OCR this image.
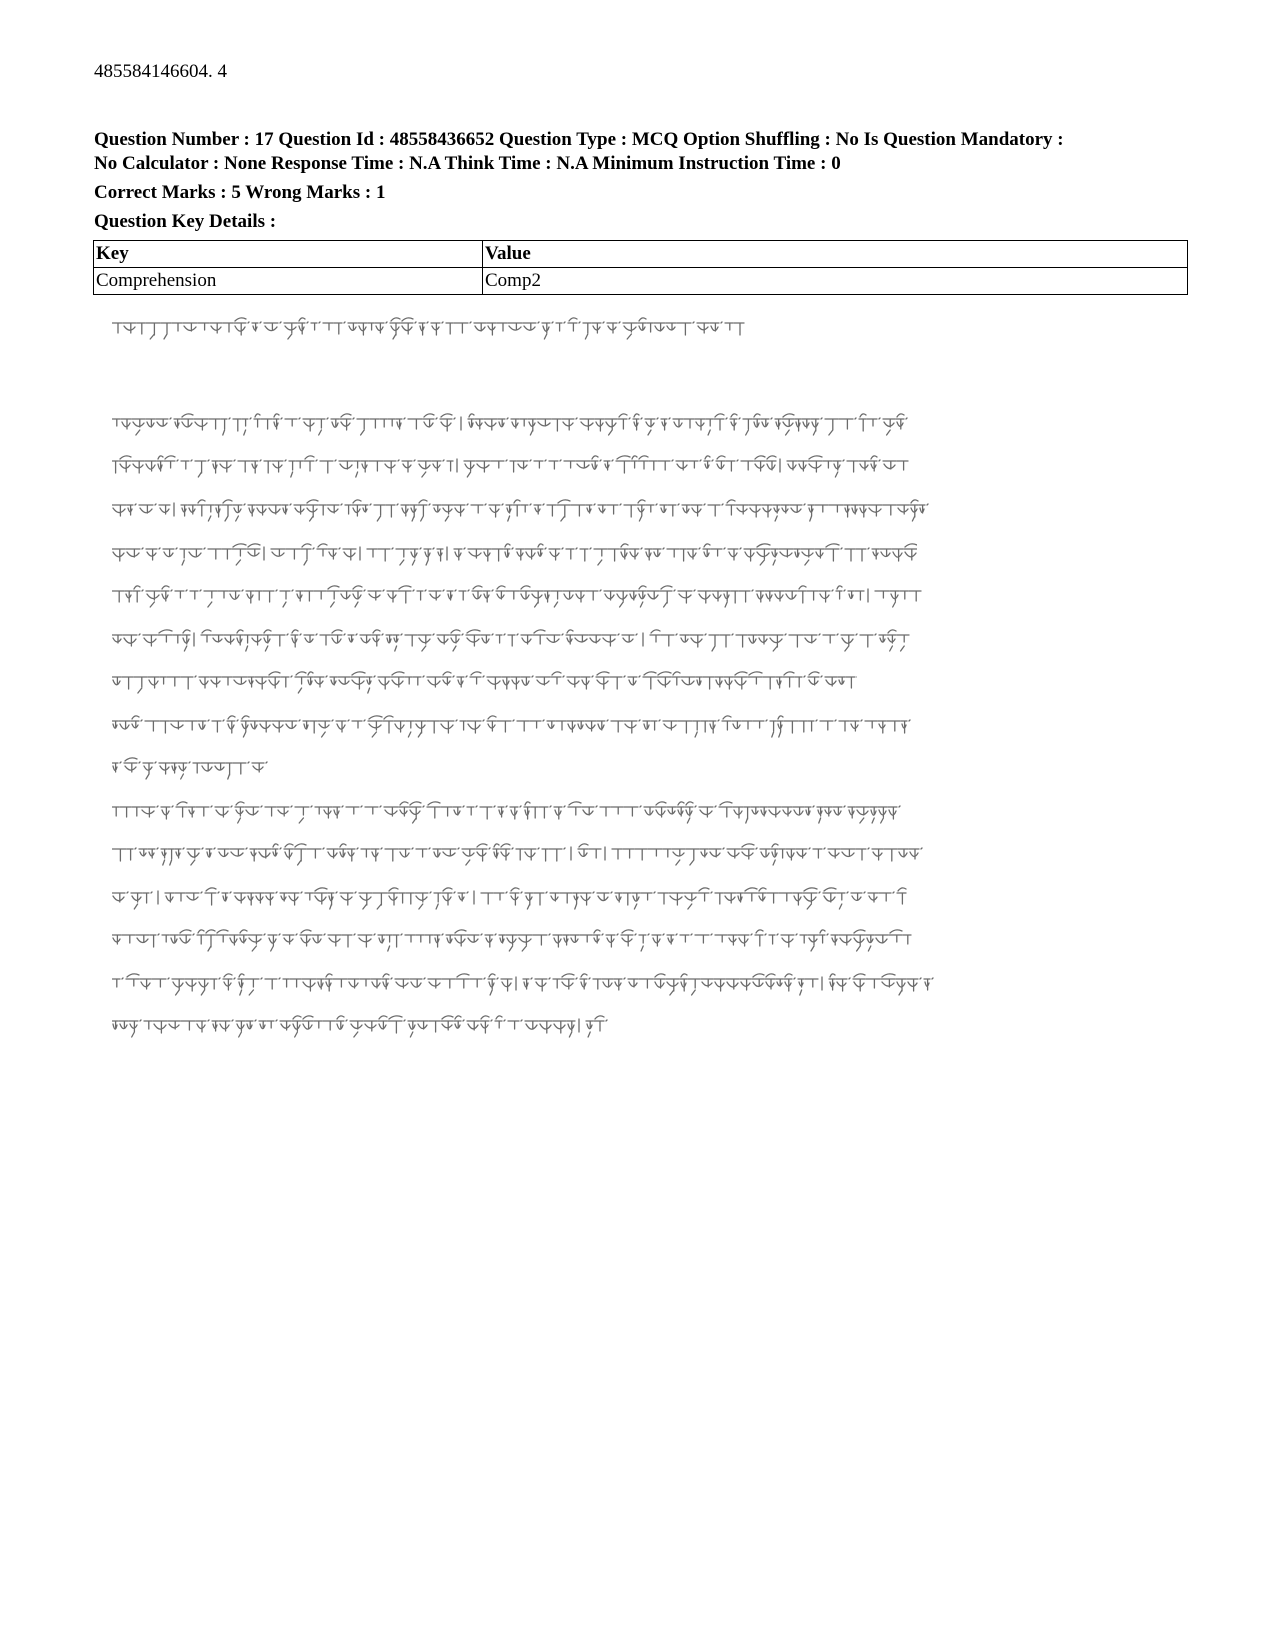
485584146604. 4
Question Number : 17 Question Id : 48558436652 Question Type : MCQ Option Shuffling : No Is Question Mandatory :
No Calculator : None Response Time : N.A Think Time : N.A Minimum Instruction Time : 0
Correct Marks : 5 Wrong Marks : 1
Question Key Details :
Key	Value
Comprehension	Comp2
